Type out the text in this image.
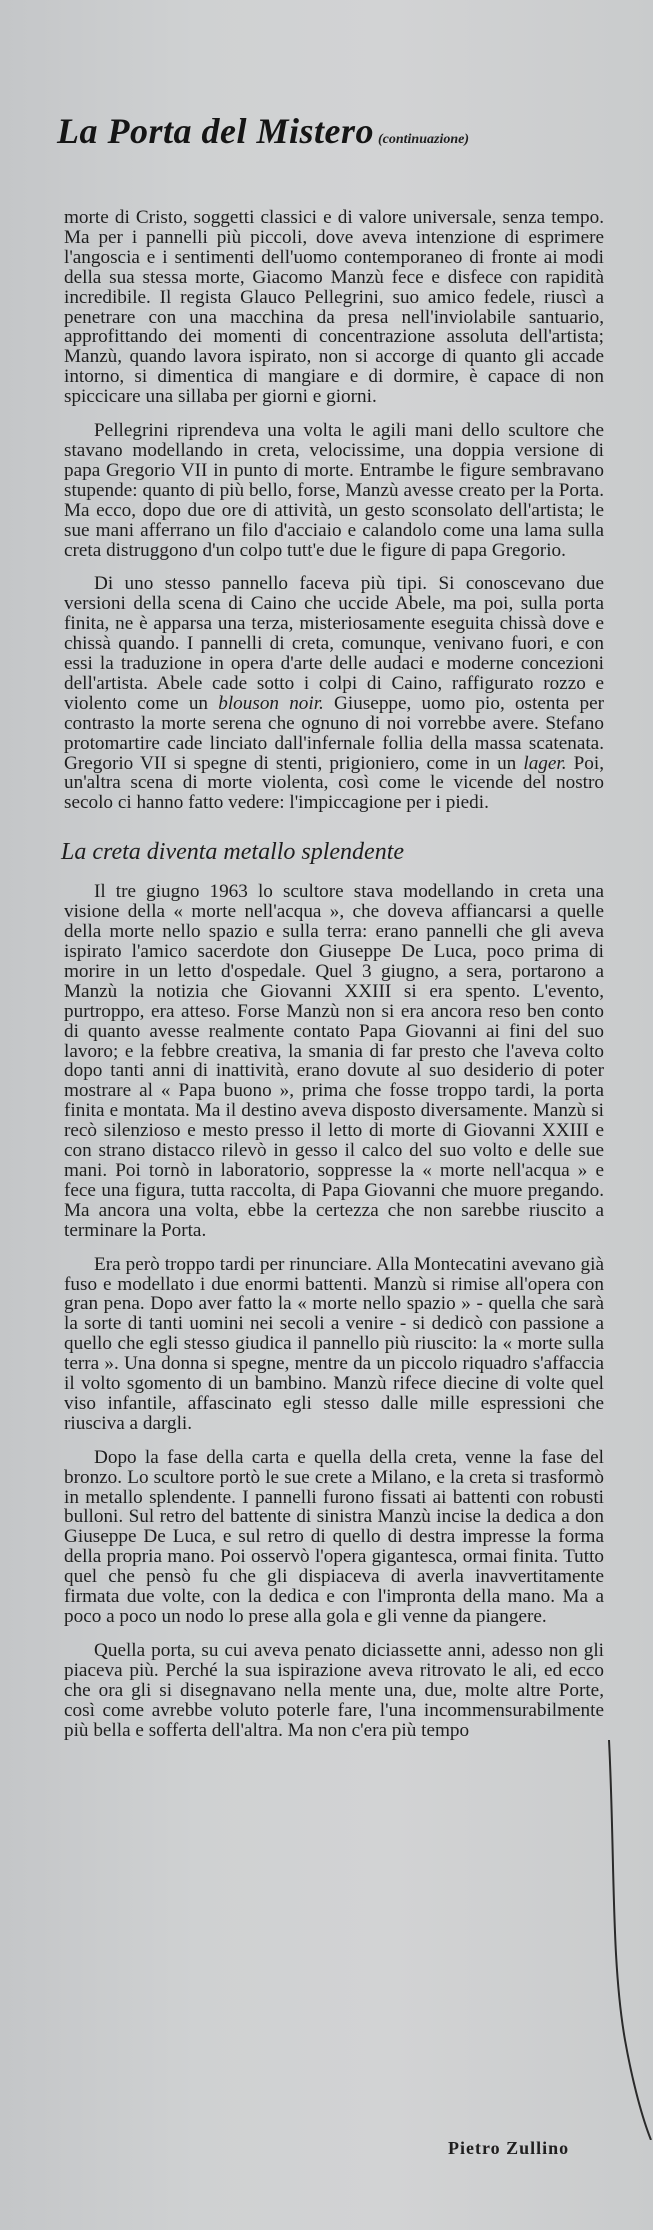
La Porta del Mistero (continuazione)

morte di Cristo, soggetti classici e di valore universale, senza tempo. Ma per i pannelli più piccoli, dove aveva intenzione di esprimere l'angoscia e i sentimenti dell'uomo contemporaneo di fronte ai modi della sua stessa morte, Giacomo Manzù fece e disfece con rapidità incredibile. Il regista Glauco Pellegrini, suo amico fedele, riuscì a penetrare con una macchina da presa nell'inviolabile santuario, approfittando dei momenti di concentrazione assoluta dell'artista; Manzù, quando lavora ispirato, non si accorge di quanto gli accade intorno, si dimentica di mangiare e di dormire, è capace di non spiccicare una sillaba per giorni e giorni.

Pellegrini riprendeva una volta le agili mani dello scultore che stavano modellando in creta, velocissime, una doppia versione di papa Gregorio VII in punto di morte. Entrambe le figure sembravano stupende: quanto di più bello, forse, Manzù avesse creato per la Porta. Ma ecco, dopo due ore di attività, un gesto sconsolato dell'artista; le sue mani afferrano un filo d'acciaio e calandolo come una lama sulla creta distruggono d'un colpo tutt'e due le figure di papa Gregorio.

Di uno stesso pannello faceva più tipi. Si conoscevano due versioni della scena di Caino che uccide Abele, ma poi, sulla porta finita, ne è apparsa una terza, misteriosamente eseguita chissà dove e chissà quando. I pannelli di creta, comunque, venivano fuori, e con essi la traduzione in opera d'arte delle audaci e moderne concezioni dell'artista. Abele cade sotto i colpi di Caino, raffigurato rozzo e violento come un blouson noir. Giuseppe, uomo pio, ostenta per contrasto la morte serena che ognuno di noi vorrebbe avere. Stefano protomartire cade linciato dall'infernale follia della massa scatenata. Gregorio VII si spegne di stenti, prigioniero, come in un lager. Poi, un'altra scena di morte violenta, così come le vicende del nostro secolo ci hanno fatto vedere: l'impiccagione per i piedi.

La creta diventa metallo splendente

Il tre giugno 1963 lo scultore stava modellando in creta una visione della « morte nell'acqua », che doveva affiancarsi a quelle della morte nello spazio e sulla terra: erano pannelli che gli aveva ispirato l'amico sacerdote don Giuseppe De Luca, poco prima di morire in un letto d'ospedale. Quel 3 giugno, a sera, portarono a Manzù la notizia che Giovanni XXIII si era spento. L'evento, purtroppo, era atteso. Forse Manzù non si era ancora reso ben conto di quanto avesse realmente contato Papa Giovanni ai fini del suo lavoro; e la febbre creativa, la smania di far presto che l'aveva colto dopo tanti anni di inattività, erano dovute al suo desiderio di poter mostrare al « Papa buono », prima che fosse troppo tardi, la porta finita e montata. Ma il destino aveva disposto diversamente. Manzù si recò silenzioso e mesto presso il letto di morte di Giovanni XXIII e con strano distacco rilevò in gesso il calco del suo volto e delle sue mani. Poi tornò in laboratorio, soppresse la « morte nell'acqua » e fece una figura, tutta raccolta, di Papa Giovanni che muore pregando. Ma ancora una volta, ebbe la certezza che non sarebbe riuscito a terminare la Porta.

Era però troppo tardi per rinunciare. Alla Montecatini avevano già fuso e modellato i due enormi battenti. Manzù si rimise all'opera con gran pena. Dopo aver fatto la « morte nello spazio » - quella che sarà la sorte di tanti uomini nei secoli a venire - si dedicò con passione a quello che egli stesso giudica il pannello più riuscito: la « morte sulla terra ». Una donna si spegne, mentre da un piccolo riquadro s'affaccia il volto sgomento di un bambino. Manzù rifece diecine di volte quel viso infantile, affascinato egli stesso dalle mille espressioni che riusciva a dargli.

Dopo la fase della carta e quella della creta, venne la fase del bronzo. Lo scultore portò le sue crete a Milano, e la creta si trasformò in metallo splendente. I pannelli furono fissati ai battenti con robusti bulloni. Sul retro del battente di sinistra Manzù incise la dedica a don Giuseppe De Luca, e sul retro di quello di destra impresse la forma della propria mano. Poi osservò l'opera gigantesca, ormai finita. Tutto quel che pensò fu che gli dispiaceva di averla inavvertitamente firmata due volte, con la dedica e con l'impronta della mano. Ma a poco a poco un nodo lo prese alla gola e gli venne da piangere.

Quella porta, su cui aveva penato diciassette anni, adesso non gli piaceva più. Perché la sua ispirazione aveva ritrovato le ali, ed ecco che ora gli si disegnavano nella mente una, due, molte altre Porte, così come avrebbe voluto poterle fare, l'una incommensurabilmente più bella e sofferta dell'altra. Ma non c'era più tempo

Pietro Zullino
